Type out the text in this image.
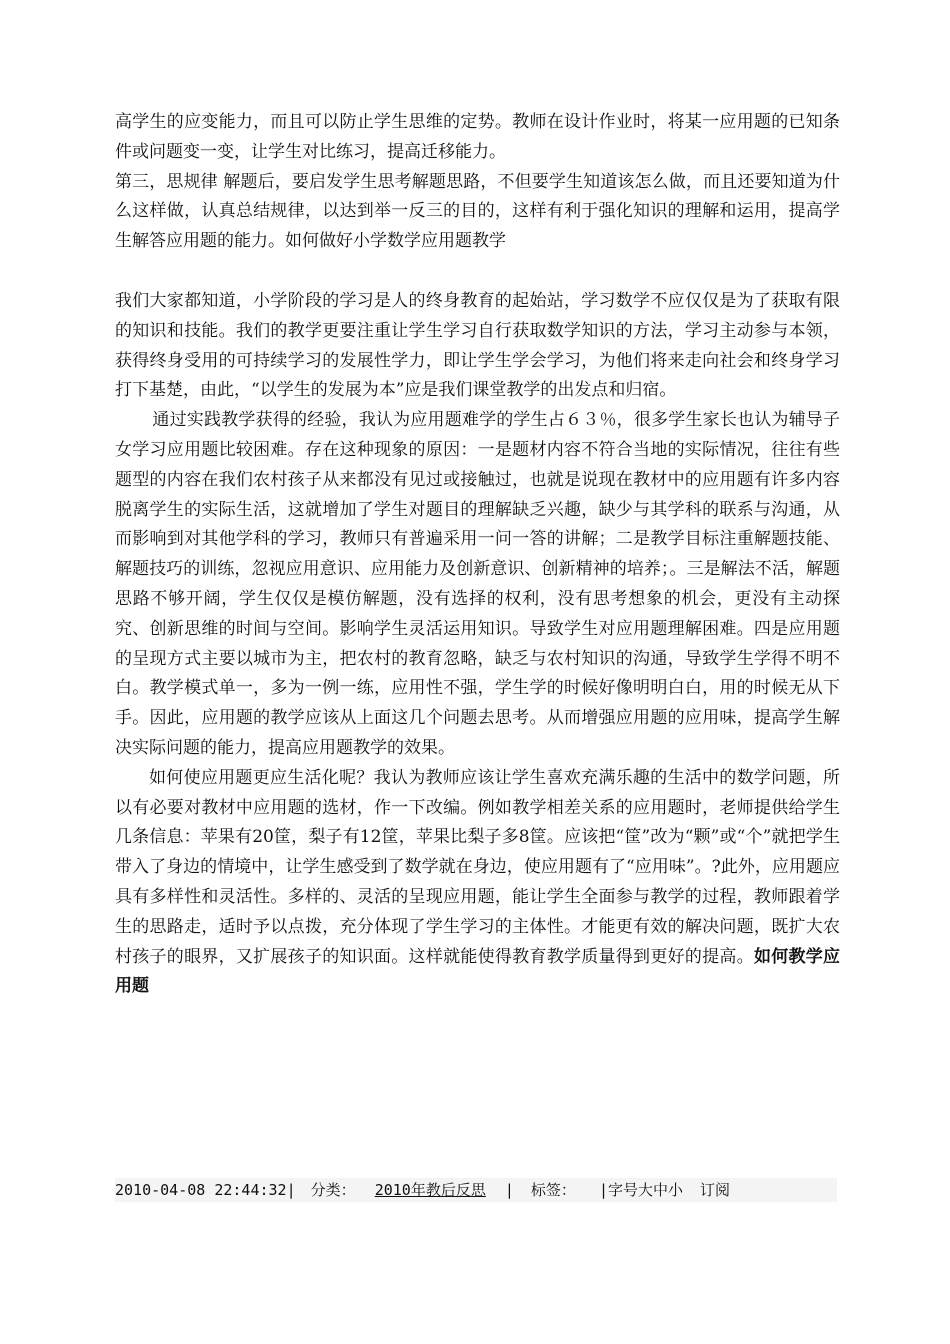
高学生的应变能力，而且可以防止学生思维的定势。教师在设计作业时，将某一应用题的已知条件或问题变一变，让学生对比练习，提高迁移能力。

第三，思规律 解题后，要启发学生思考解题思路，不但要学生知道该怎么做，而且还要知道为什么这样做，认真总结规律，以达到举一反三的目的，这样有利于强化知识的理解和运用，提高学生解答应用题的能力。如何做好小学数学应用题教学

我们大家都知道，小学阶段的学习是人的终身教育的起始站，学习数学不应仅仅是为了获取有限的知识和技能。我们的教学更要注重让学生学习自行获取数学知识的方法，学习主动参与本领，获得终身受用的可持续学习的发展性学力，即让学生学会学习，为他们将来走向社会和终身学习打下基楚，由此，“以学生的发展为本”应是我们课堂教学的出发点和归宿。

通过实践教学获得的经验，我认为应用题难学的学生占６３％，很多学生家长也认为辅导子女学习应用题比较困难。存在这种现象的原因：一是题材内容不符合当地的实际情况，往往有些题型的内容在我们农村孩子从来都没有见过或接触过，也就是说现在教材中的应用题有许多内容脱离学生的实际生活，这就增加了学生对题目的理解缺乏兴趣，缺少与其学科的联系与沟通，从而影响到对其他学科的学习，教师只有普遍采用一问一答的讲解；二是教学目标注重解题技能、解题技巧的训练，忽视应用意识、应用能力及创新意识、创新精神的培养；。三是解法不活，解题思路不够开阔，学生仅仅是模仿解题，没有选择的权利，没有思考想象的机会，更没有主动探究、创新思维的时间与空间。影响学生灵活运用知识。导致学生对应用题理解困难。四是应用题的呈现方式主要以城市为主，把农村的教育忽略，缺乏与农村知识的沟通，导致学生学得不明不白。教学模式单一，多为一例一练，应用性不强，学生学的时候好像明明白白，用的时候无从下手。因此，应用题的教学应该从上面这几个问题去思考。从而增强应用题的应用味，提高学生解决实际问题的能力，提高应用题教学的效果。

如何使应用题更应生活化呢？我认为教师应该让学生喜欢充满乐趣的生活中的数学问题，所以有必要对教材中应用题的选材，作一下改编。例如教学相差关系的应用题时，老师提供给学生几条信息：苹果有20筐，梨子有12筐，苹果比梨子多8筐。应该把“筐”改为“颗”或“个”就把学生带入了身边的情境中，让学生感受到了数学就在身边，使应用题有了“应用味”。?此外，应用题应具有多样性和灵活性。多样的、灵活的呈现应用题，能让学生全面参与教学的过程，教师跟着学生的思路走，适时予以点拨，充分体现了学生学习的主体性。才能更有效的解决问题，既扩大农村孩子的眼界，又扩展孩子的知识面。这样就能使得教育教学质量得到更好的提高。如何教学应用题

2010-04-08 22:44:32| 分类： 2010年教后反思 | 标签： |字号大中小 订阅
